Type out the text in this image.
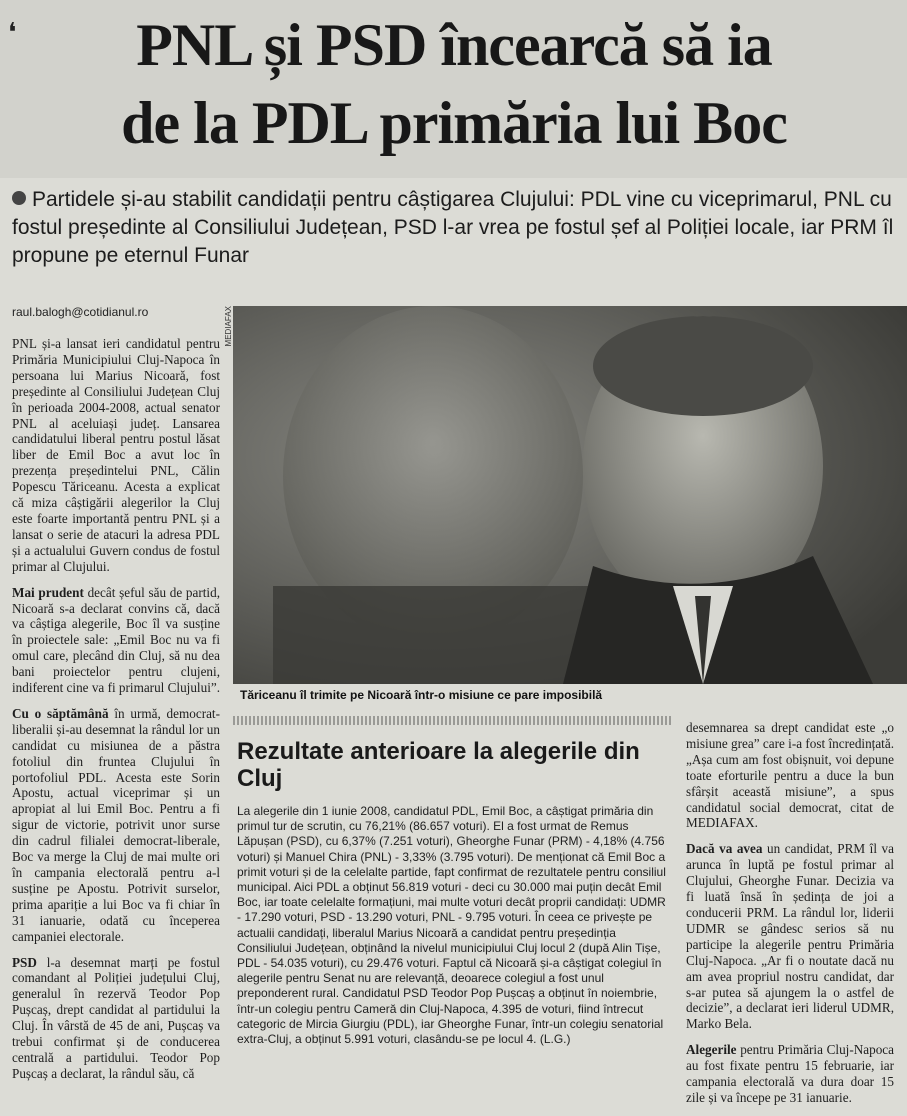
❛	PNL și PSD încearcă să ia
de la PDL primăria lui Boc

Partidele și-au stabilit candidații pentru câștigarea Clujului: PDL vine cu viceprimarul, PNL cu fostul președinte al Consiliului Județean, PSD l-ar vrea pe fostul șef al Poliției locale, iar PRM îl propune pe eternul Funar

raul.balogh@cotidianul.ro	MEDIAFAX

PNL și-a lansat ieri candidatul pentru Primăria Municipiului Cluj-Napoca în persoana lui Marius Nicoară, fost președinte al Consiliului Județean Cluj în perioada 2004-2008, actual senator PNL al aceluiași județ. Lansarea candidatului liberal pentru postul lăsat liber de Emil Boc a avut loc în prezența președintelui PNL, Călin Popescu Tăriceanu. Acesta a explicat că miza câștigării alegerilor la Cluj este foarte importantă pentru PNL și a lansat o serie de atacuri la adresa PDL și a actualului Guvern condus de fostul primar al Clujului.

Mai prudent decât șeful său de partid, Nicoară s-a declarat convins că, dacă va câștiga alegerile, Boc îl va susține în proiectele sale: „Emil Boc nu va fi omul care, plecând din Cluj, să nu dea bani proiectelor pentru clujeni, indiferent cine va fi primarul Clujului”.

Cu o săptămână în urmă, democrat-liberalii și-au desemnat la rândul lor un candidat cu misiunea de a păstra fotoliul din fruntea Clujului în portofoliul PDL. Acesta este Sorin Apostu, actual viceprimar și un apropiat al lui Emil Boc. Pentru a fi sigur de victorie, potrivit unor surse din cadrul filialei democrat-liberale, Boc va merge la Cluj de mai multe ori în campania electorală pentru a-l susține pe Apostu. Potrivit surselor, prima apariție a lui Boc va fi chiar în 31 ianuarie, odată cu începerea campaniei electorale.

PSD l-a desemnat marți pe fostul comandant al Poliției județului Cluj, generalul în rezervă Teodor Pop Pușcaș, drept candidat al partidului la Cluj. În vârstă de 45 de ani, Pușcaș va trebui confirmat și de conducerea centrală a partidului. Teodor Pop Pușcaș a declarat, la rândul său, că

Tăriceanu îl trimite pe Nicoară într-o misiune ce pare imposibilă
Rezultate anterioare la alegerile din Cluj

La alegerile din 1 iunie 2008, candidatul PDL, Emil Boc, a câștigat primăria din primul tur de scrutin, cu 76,21% (86.657 voturi). El a fost urmat de Remus Lăpușan (PSD), cu 6,37% (7.251 voturi), Gheorghe Funar (PRM) - 4,18% (4.756 voturi) și Manuel Chira (PNL) - 3,33% (3.795 voturi). De menționat că Emil Boc a primit voturi și de la celelalte partide, fapt confirmat de rezultatele pentru consiliul municipal. Aici PDL a obținut 56.819 voturi - deci cu 30.000 mai puțin decât Emil Boc, iar toate celelalte formațiuni, mai multe voturi decât proprii candidați: UDMR - 17.290 voturi, PSD - 13.290 voturi, PNL - 9.795 voturi. În ceea ce privește pe actualii candidați, liberalul Marius Nicoară a candidat pentru președinția Consiliului Județean, obținând la nivelul municipiului Cluj locul 2 (după Alin Tișe, PDL - 54.035 voturi), cu 29.476 voturi. Faptul că Nicoară și-a câștigat colegiul în alegerile pentru Senat nu are relevanță, deoarece colegiul a fost unul preponderent rural. Candidatul PSD Teodor Pop Pușcaș a obținut în noiembrie, într-un colegiu pentru Cameră din Cluj-Napoca, 4.395 de voturi, fiind întrecut categoric de Mircia Giurgiu (PDL), iar Gheorghe Funar, într-un colegiu senatorial extra-Cluj, a obținut 5.991 voturi, clasându-se pe locul 4. (L.G.)

desemnarea sa drept candidat este „o misiune grea” care i-a fost încredințată. „Așa cum am fost obișnuit, voi depune toate eforturile pentru a duce la bun sfârșit această misiune”, a spus candidatul social democrat, citat de MEDIAFAX.

Dacă va avea un candidat, PRM îl va arunca în luptă pe fostul primar al Clujului, Gheorghe Funar. Decizia va fi luată însă în ședința de joi a conducerii PRM. La rândul lor, liderii UDMR se gândesc serios să nu participe la alegerile pentru Primăria Cluj-Napoca. „Ar fi o noutate dacă nu am avea propriul nostru candidat, dar s-ar putea să ajungem la o astfel de decizie”, a declarat ieri liderul UDMR, Marko Bela.

Alegerile pentru Primăria Cluj-Napoca au fost fixate pentru 15 februarie, iar campania electorală va dura doar 15 zile și va începe pe 31 ianuarie.
